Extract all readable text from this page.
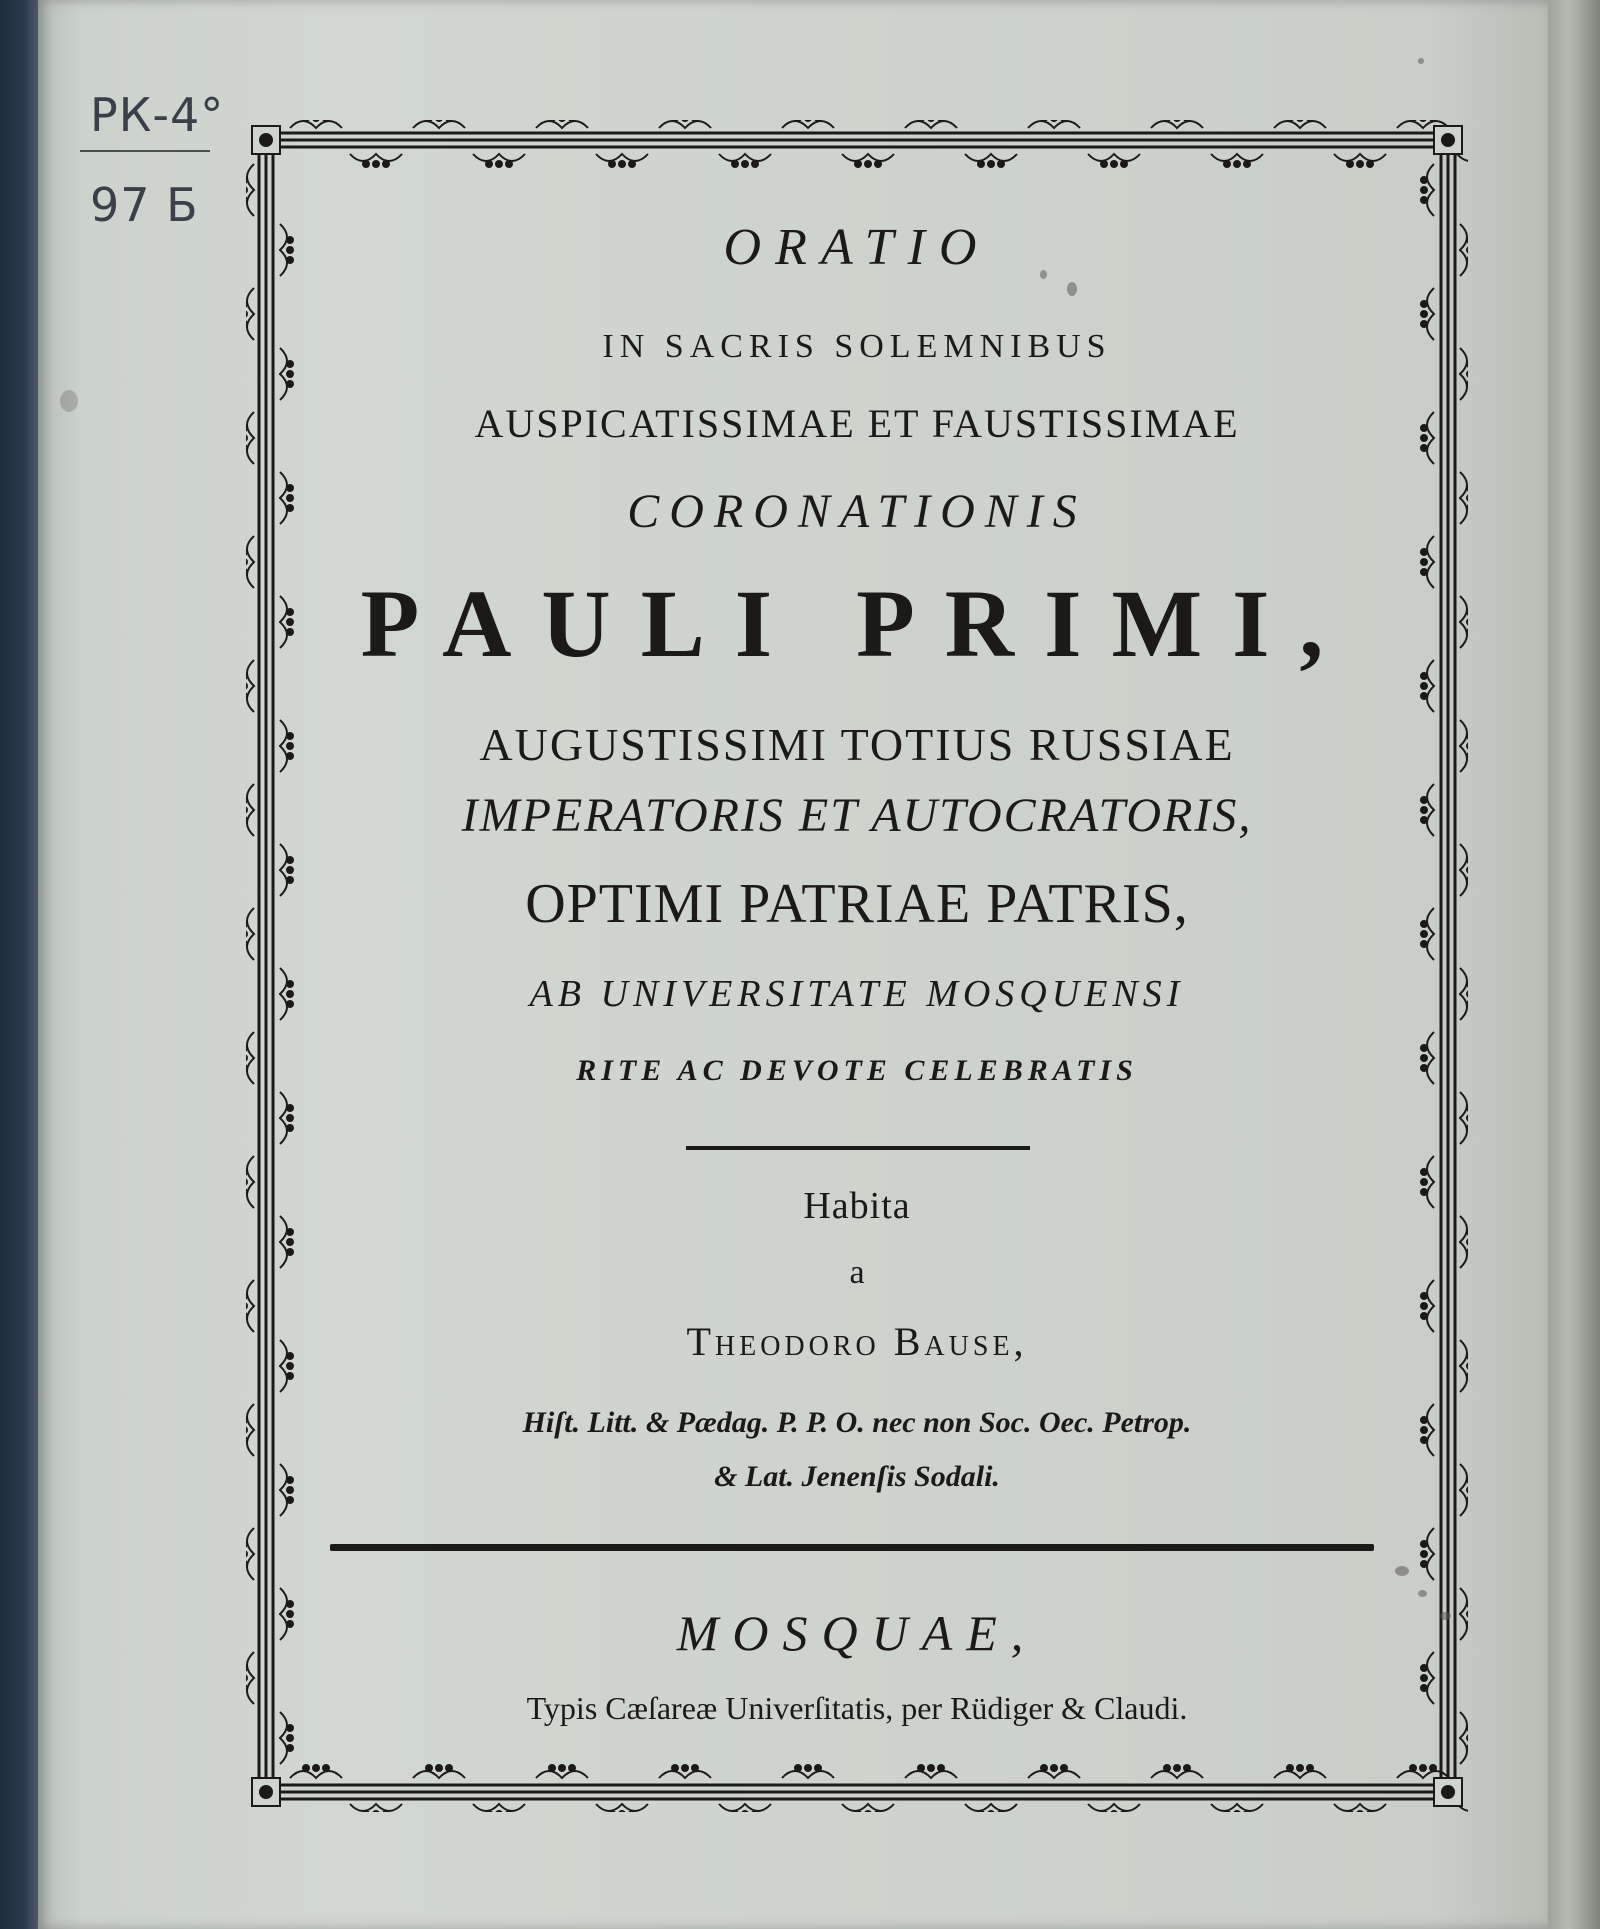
РК-4°
97 Б

ORATIO

IN SACRIS SOLEMNIBUS

AUSPICATISSIMAE ET FAUSTISSIMAE

CORONATIONIS

PAULI PRIMI,

AUGUSTISSIMI TOTIUS RUSSIAE

IMPERATORIS ET AUTOCRATORIS,

OPTIMI PATRIAE PATRIS,

AB UNIVERSITATE MOSQUENSI

RITE AC DEVOTE CELEBRATIS

Habita

a

Theodoro Bause,

Hiſt. Litt. & Pædag. P. P. O. nec non Soc. Oec. Petrop.

& Lat. Jenenſis Sodali.

MOSQUAE,

Typis Cæſareæ Univerſitatis, per Rüdiger & Claudi.
